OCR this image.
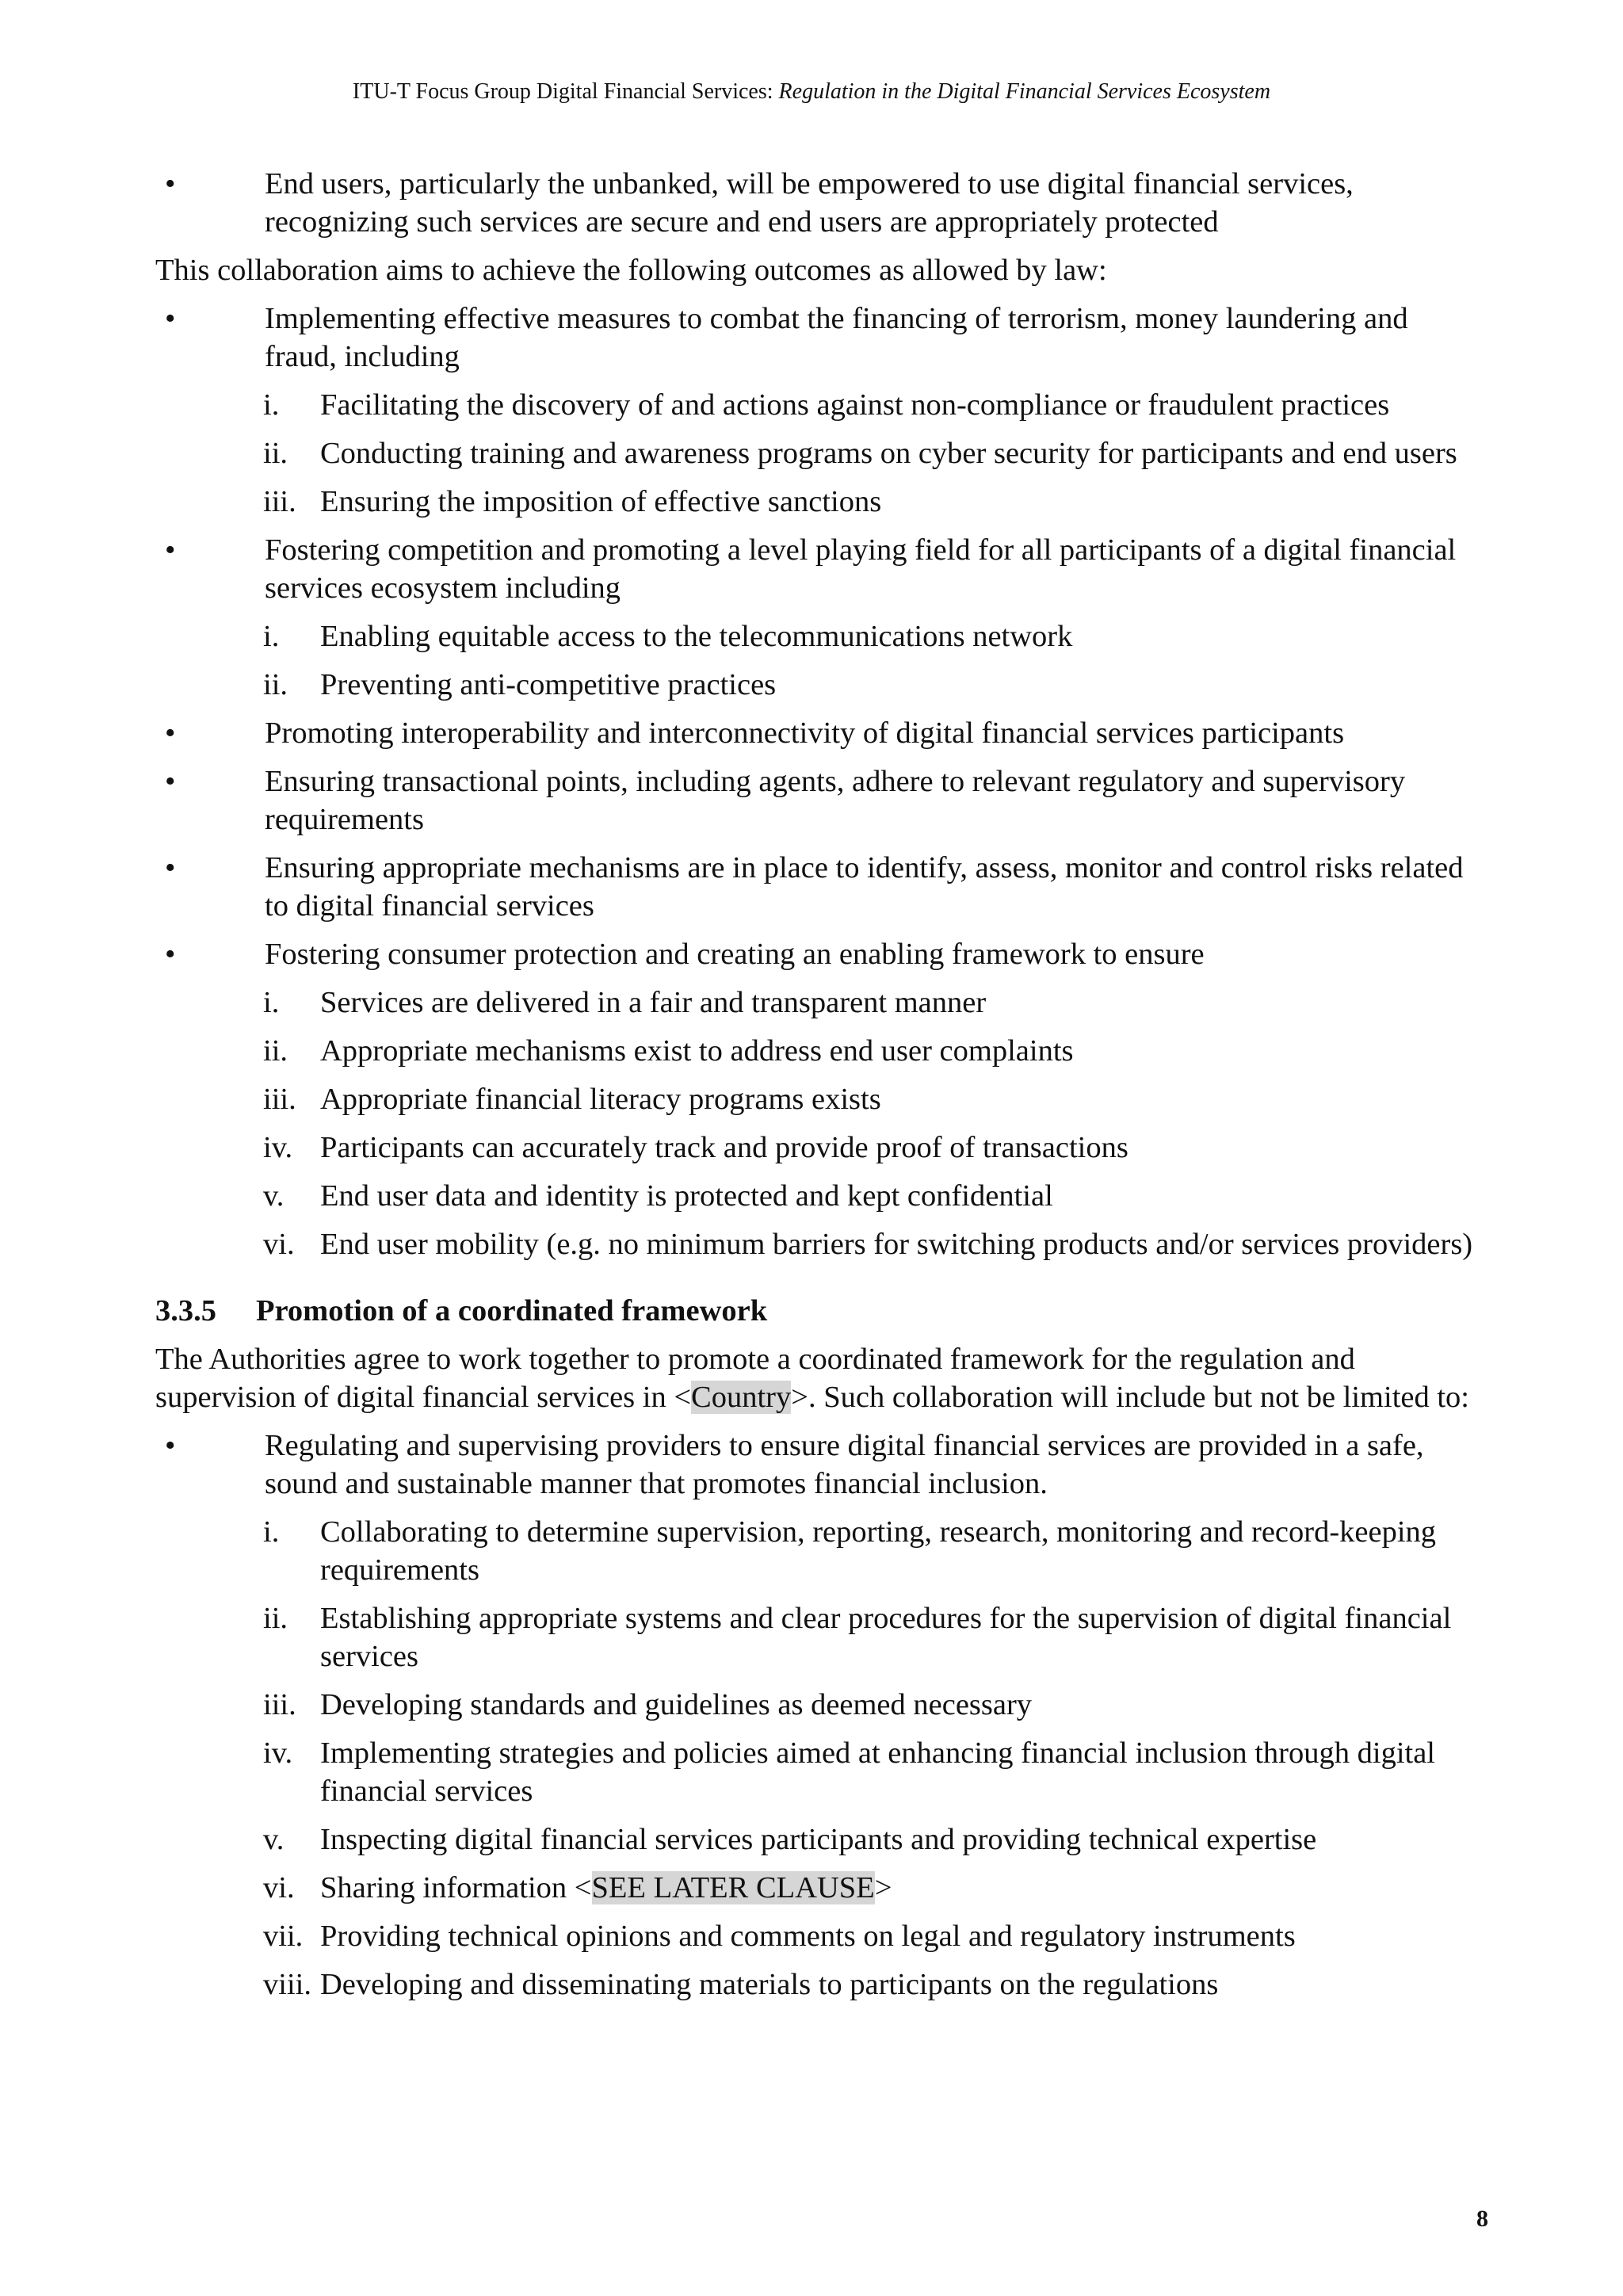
ITU-T Focus Group Digital Financial Services: Regulation in the Digital Financial Services Ecosystem
•	End users, particularly the unbanked, will be empowered to use digital financial services, recognizing such services are secure and end users are appropriately protected
This collaboration aims to achieve the following outcomes as allowed by law:
•	Implementing effective measures to combat the financing of terrorism, money laundering and fraud, including
i.	Facilitating the discovery of and actions against non-compliance or fraudulent practices
ii.	Conducting training and awareness programs on cyber security for participants and end users
iii. Ensuring the imposition of effective sanctions
•	Fostering competition and promoting a level playing field for all participants of a digital financial services ecosystem including
i.	Enabling equitable access to the telecommunications network
ii.	Preventing anti-competitive practices
•	Promoting interoperability and interconnectivity of digital financial services participants
•	Ensuring transactional points, including agents, adhere to relevant regulatory and supervisory requirements
•	Ensuring appropriate mechanisms are in place to identify, assess, monitor and control risks related to digital financial services
•	Fostering consumer protection and creating an enabling framework to ensure
i.	Services are delivered in a fair and transparent manner
ii.	Appropriate mechanisms exist to address end user complaints
iii. Appropriate financial literacy programs exists
iv. Participants can accurately track and provide proof of transactions
v.	End user data and identity is protected and kept confidential
vi. End user mobility (e.g. no minimum barriers for switching products and/or services providers)
3.3.5 Promotion of a coordinated framework
The Authorities agree to work together to promote a coordinated framework for the regulation and supervision of digital financial services in <Country>. Such collaboration will include but not be limited to:
•	Regulating and supervising providers to ensure digital financial services are provided in a safe, sound and sustainable manner that promotes financial inclusion.
i.	Collaborating to determine supervision, reporting, research, monitoring and record-keeping requirements
ii.	Establishing appropriate systems and clear procedures for the supervision of digital financial services
iii. Developing standards and guidelines as deemed necessary
iv. Implementing strategies and policies aimed at enhancing financial inclusion through digital financial services
v.	Inspecting digital financial services participants and providing technical expertise
vi. Sharing information <SEE LATER CLAUSE>
vii. Providing technical opinions and comments on legal and regulatory instruments
viii. Developing and disseminating materials to participants on the regulations
8
